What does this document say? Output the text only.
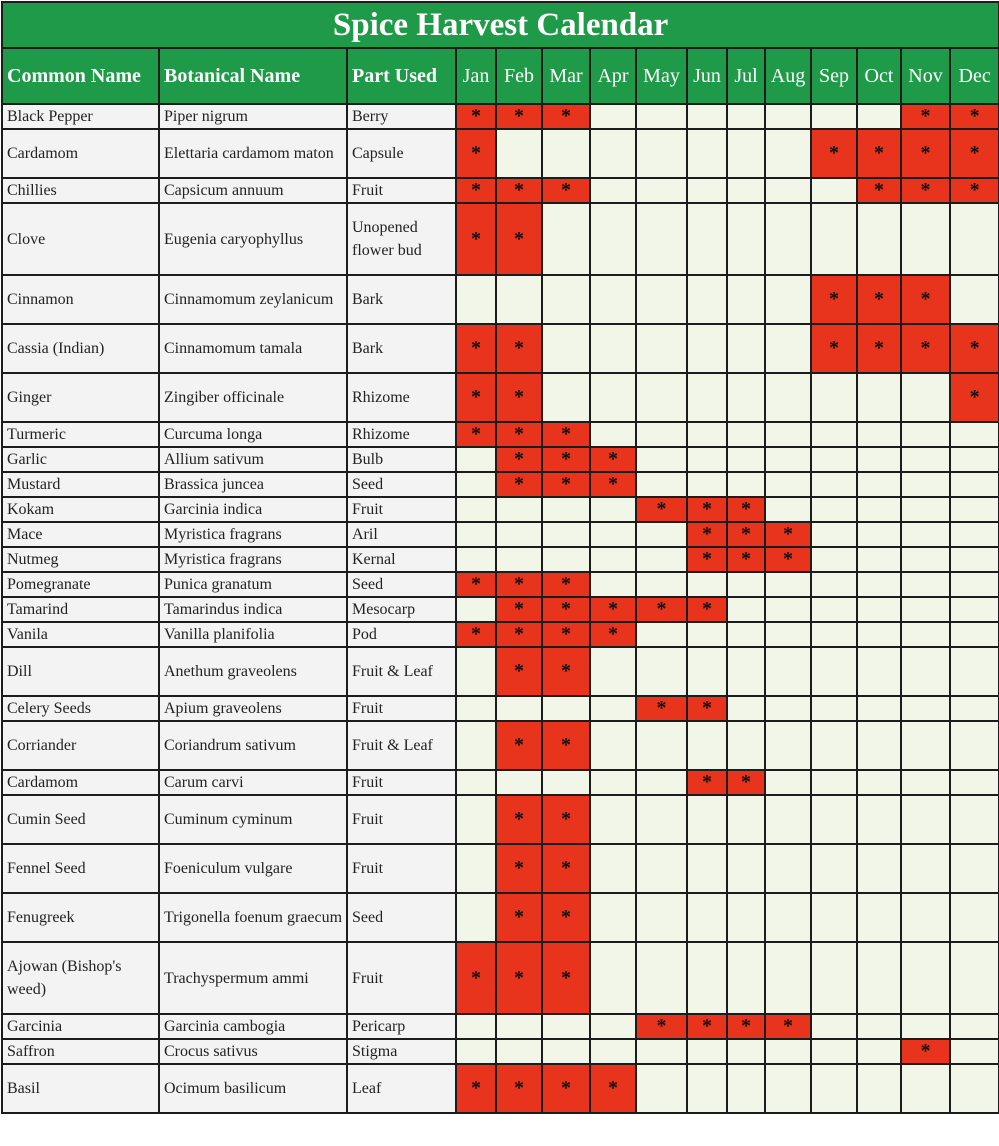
Spice Harvest Calendar														
Common Name	Botanical Name	Part Used	Jan	Feb	Mar	Apr	May	Jun	Jul	Aug	Sep	Oct	Nov	Dec
Black Pepper	Piper nigrum	Berry	*	*	*								*	*
Cardamom	Elettaria cardamom maton	Capsule	*								*	*	*	*
Chillies	Capsicum annuum	Fruit	*	*	*							*	*	*
Clove	Eugenia caryophyllus	Unopened flower bud	*	*										
Cinnamon	Cinnamomum zeylanicum	Bark									*	*	*	
Cassia (Indian)	Cinnamomum tamala	Bark	*	*							*	*	*	*
Ginger	Zingiber officinale	Rhizome	*	*										*
Turmeric	Curcuma longa	Rhizome	*	*	*									
Garlic	Allium sativum	Bulb		*	*	*								
Mustard	Brassica juncea	Seed		*	*	*								
Kokam	Garcinia indica	Fruit					*	*	*					
Mace	Myristica fragrans	Aril						*	*	*				
Nutmeg	Myristica fragrans	Kernal						*	*	*				
Pomegranate	Punica granatum	Seed	*	*	*									
Tamarind	Tamarindus indica	Mesocarp		*	*	*	*	*						
Vanila	Vanilla planifolia	Pod	*	*	*	*								
Dill	Anethum graveolens	Fruit & Leaf		*	*									
Celery Seeds	Apium graveolens	Fruit					*	*						
Corriander	Coriandrum sativum	Fruit & Leaf		*	*									
Cardamom	Carum carvi	Fruit						*	*					
Cumin Seed	Cuminum cyminum	Fruit		*	*									
Fennel Seed	Foeniculum vulgare	Fruit		*	*									
Fenugreek	Trigonella foenum graecum	Seed		*	*									
Ajowan (Bishop's weed)	Trachyspermum ammi	Fruit	*	*	*									
Garcinia	Garcinia cambogia	Pericarp					*	*	*	*				
Saffron	Crocus sativus	Stigma											*	
Basil	Ocimum basilicum	Leaf	*	*	*	*								
